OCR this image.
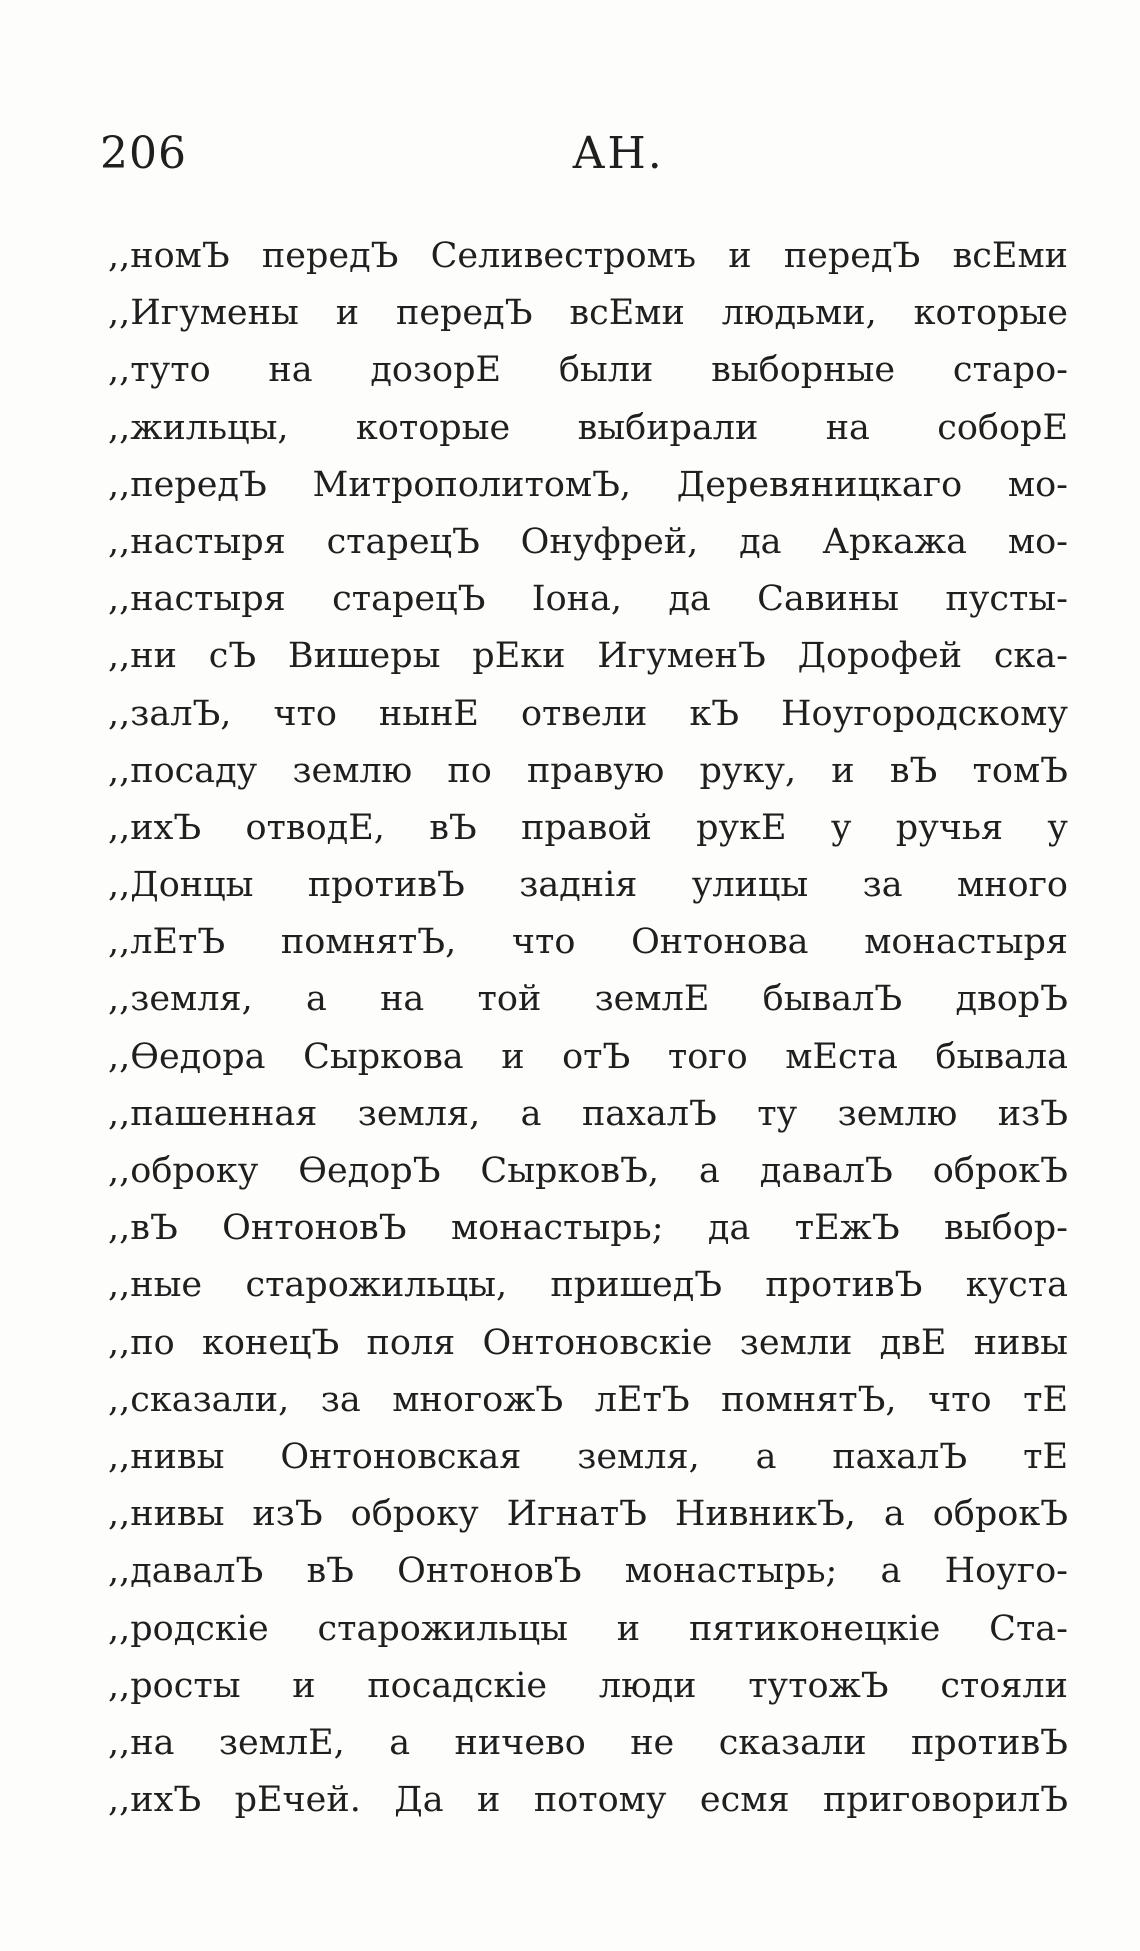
206	АН.
,,номЪ передЪ Селивестромъ и передЪ всЕми
,,Игумены и передЪ всЕми людьми, которые
,,туто на дозорЕ были выборные старо-
,,жильцы, которые выбирали на соборЕ
,,передЪ МитрополитомЪ, Деревяницкаго мо-
,,настыря старецЪ Онуфрей, да Аркажа мо-
,,настыря старецЪ Iона, да Савины пусты-
,,ни сЪ Вишеры рЕки ИгуменЪ Дорофей ска-
,,залЪ, что нынЕ отвели кЪ Ноугородскому
,,посаду землю по правую руку, и вЪ томЪ
,,ихЪ отводЕ, вЪ правой рукЕ у ручья у
,,Донцы противЪ заднiя улицы за много
,,лЕтЪ помнятЪ, что Онтонова монастыря
,,земля, а на той землЕ бывалЪ дворЪ
,,Өедора Сыркова и отЪ того мЕста бывала
,,пашенная земля, а пахалЪ ту землю изЪ
,,оброку ӨедорЪ СырковЪ, а давалЪ оброкЪ
,,вЪ ОнтоновЪ монастырь; да тЕжЪ выбор-
,,ные старожильцы, пришедЪ противЪ куста
,,по конецЪ поля Онтоновскiе земли двЕ нивы
,,сказали, за многожЪ лЕтЪ помнятЪ, что тЕ
,,нивы Онтоновская земля, а пахалЪ тЕ
,,нивы изЪ оброку ИгнатЪ НивникЪ, а оброкЪ
,,давалЪ вЪ ОнтоновЪ монастырь; а Ноуго-
,,родскiе старожильцы и пятиконецкiе Ста-
,,росты и посадскiе люди тутожЪ стояли
,,на землЕ, а ничево не сказали противЪ
,,ихЪ рЕчей. Да и потому есмя приговорилЪ
